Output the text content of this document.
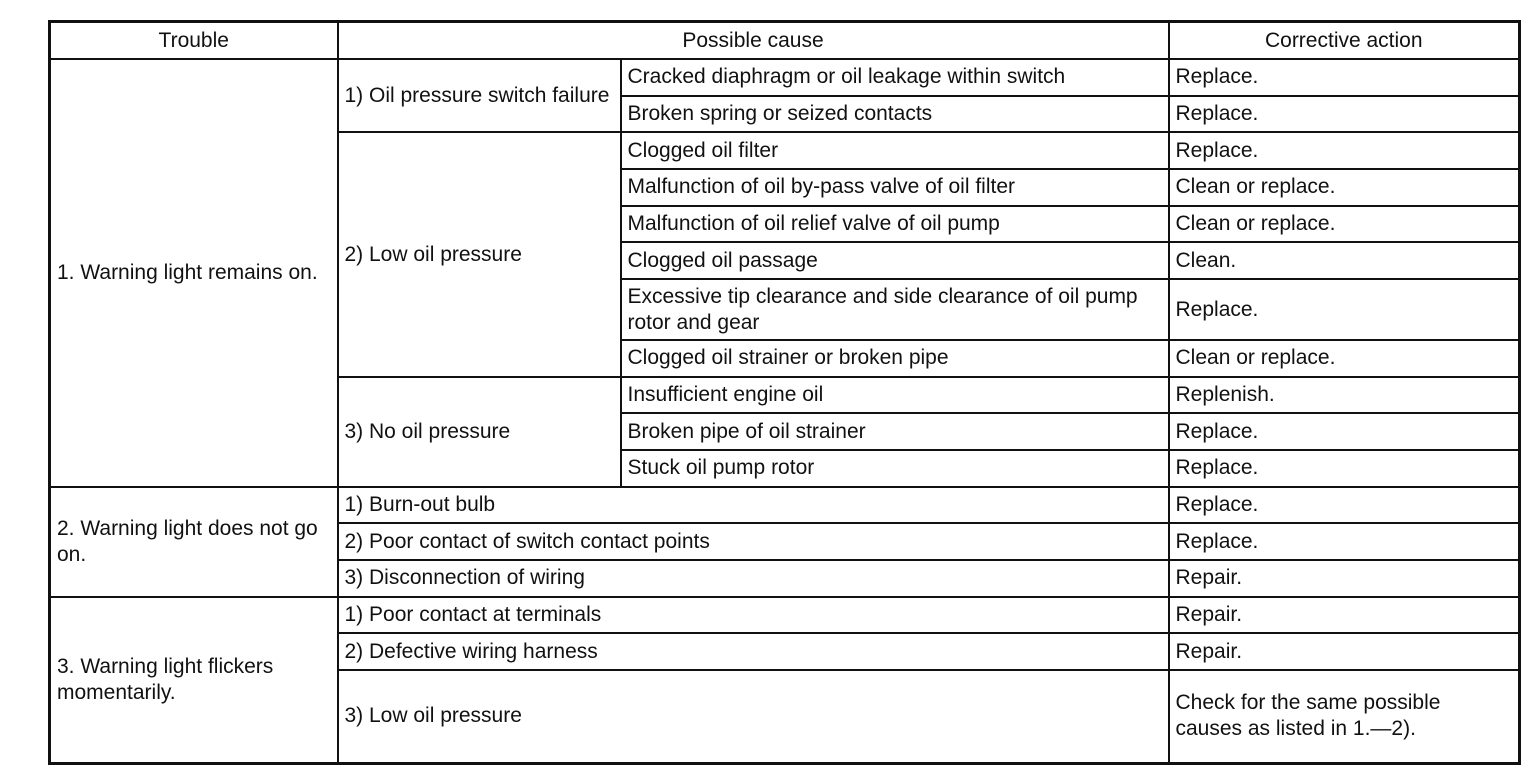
Trouble	Possible cause		Corrective action
1. Warning light remains on.	1) Oil pressure switch failure	Cracked diaphragm or oil leakage within switch	Replace.
		Broken spring or seized contacts	Replace.
	2) Low oil pressure	Clogged oil filter	Replace.
		Malfunction of oil by-pass valve of oil filter	Clean or replace.
		Malfunction of oil relief valve of oil pump	Clean or replace.
		Clogged oil passage	Clean.
		Excessive tip clearance and side clearance of oil pump rotor and gear	Replace.
		Clogged oil strainer or broken pipe	Clean or replace.
	3) No oil pressure	Insufficient engine oil	Replenish.
		Broken pipe of oil strainer	Replace.
		Stuck oil pump rotor	Replace.
2. Warning light does not go on.	1) Burn-out bulb		Replace.
	2) Poor contact of switch contact points		Replace.
	3) Disconnection of wiring		Repair.
3. Warning light flickers momentarily.	1) Poor contact at terminals		Repair.
	2) Defective wiring harness		Repair.
	3) Low oil pressure		Check for the same possible causes as listed in 1.—2).
